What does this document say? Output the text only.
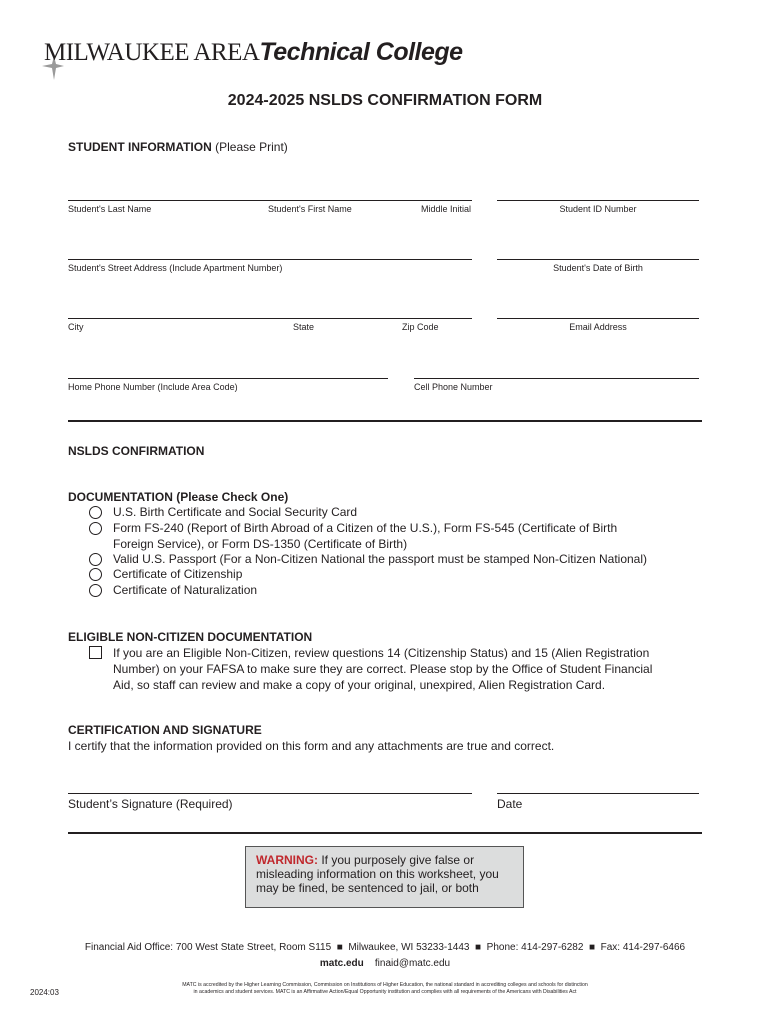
MILWAUKEE AREATechnical College
2024-2025 NSLDS CONFIRMATION FORM
STUDENT INFORMATION (Please Print)
Student's Last Name	Student's First Name	Middle Initial	Student ID Number
Student's Street Address (Include Apartment Number)	Student's Date of Birth
City	State	Zip Code	Email Address
Home Phone Number (Include Area Code)	Cell Phone Number
NSLDS CONFIRMATION
DOCUMENTATION (Please Check One)
U.S. Birth Certificate and Social Security Card
Form FS-240 (Report of Birth Abroad of a Citizen of the U.S.), Form FS-545 (Certificate of Birth
Foreign Service), or Form DS-1350 (Certificate of Birth)
Valid U.S. Passport (For a Non-Citizen National the passport must be stamped Non-Citizen National)
Certificate of Citizenship
Certificate of Naturalization
ELIGIBLE NON-CITIZEN DOCUMENTATION
If you are an Eligible Non-Citizen, review questions 14 (Citizenship Status) and 15 (Alien Registration
Number) on your FAFSA to make sure they are correct. Please stop by the Office of Student Financial
Aid, so staff can review and make a copy of your original, unexpired, Alien Registration Card.
CERTIFICATION AND SIGNATURE
I certify that the information provided on this form and any attachments are true and correct.
Student’s Signature (Required)	Date
WARNING: If you purposely give false or
misleading information on this worksheet, you
may be fined, be sentenced to jail, or both
Financial Aid Office: 700 West State Street, Room S115  ■  Milwaukee, WI 53233-1443  ■  Phone: 414-297-6282  ■  Fax: 414-297-6466
matc.edu finaid@matc.edu
2024:03
MATC is accredited by the Higher Learning Commission, Commission on Institutions of Higher Education, the national standard in accrediting colleges and schools for distinction
in academics and student services. MATC is an Affirmative Action/Equal Opportunity institution and complies with all requirements of the Americans with Disabilities Act
